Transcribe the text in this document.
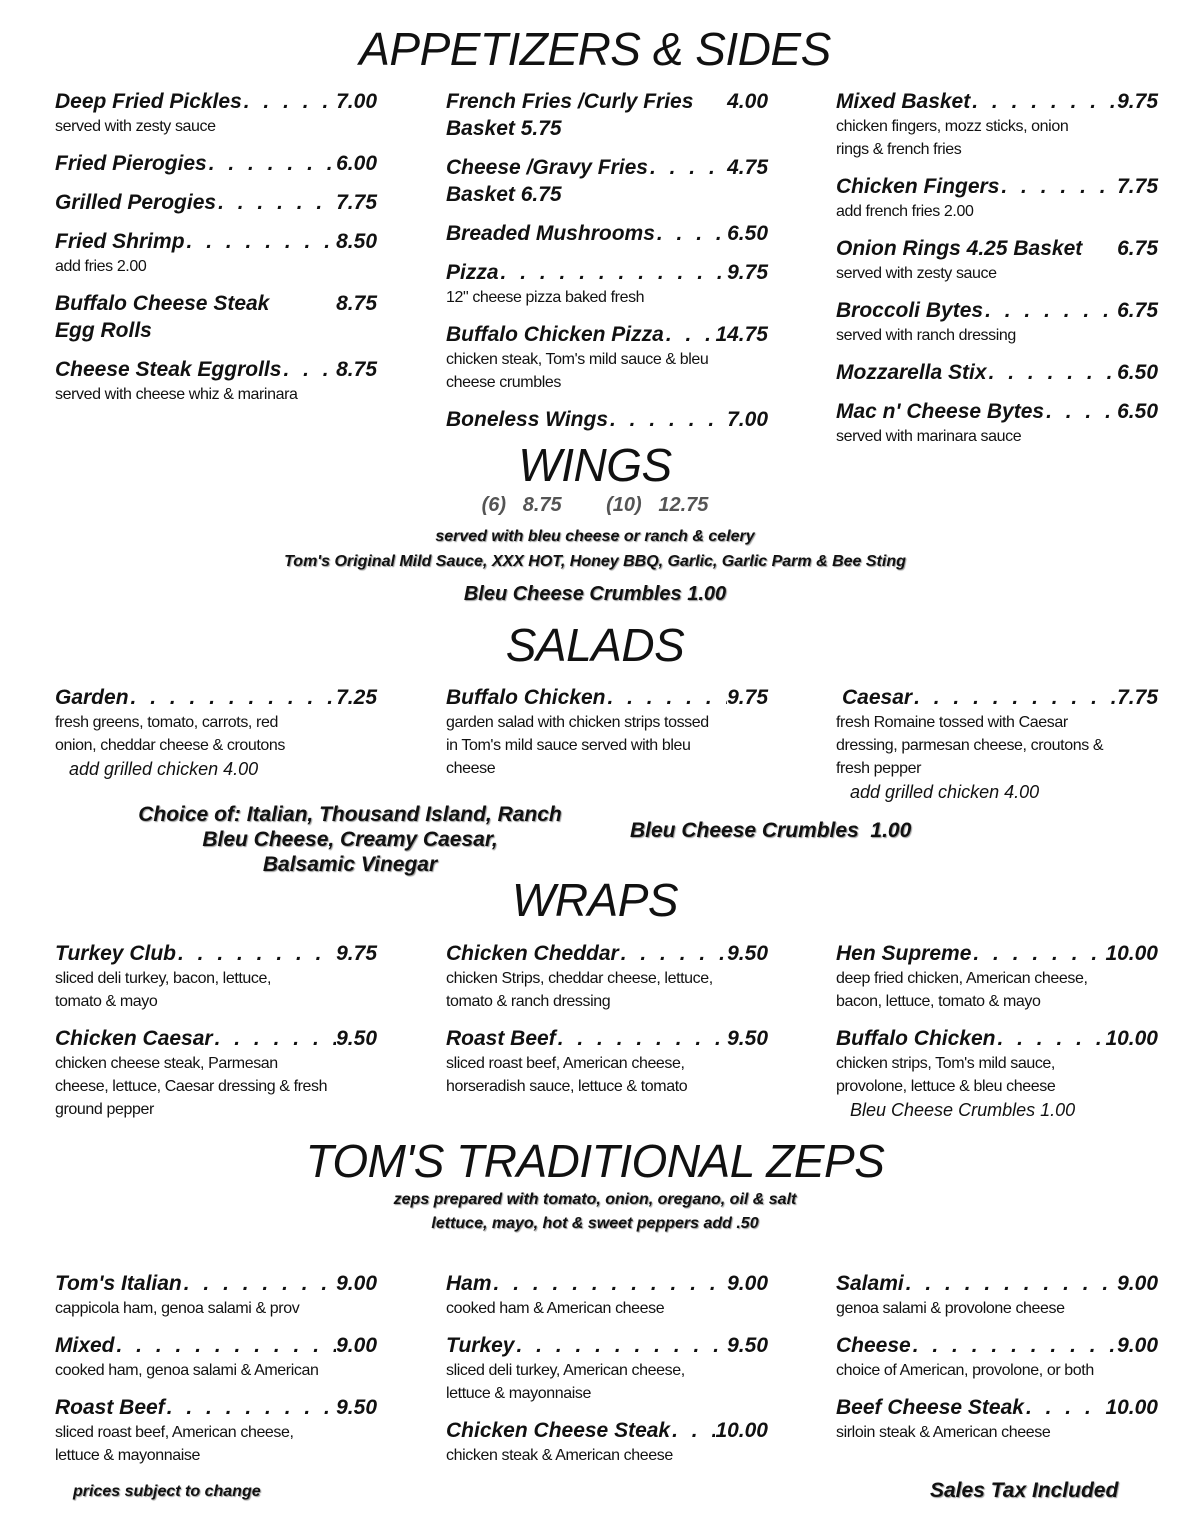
APPETIZERS & SIDES
Deep Fried Pickles . . .	7.00
served with zesty sauce
Fried Pierogies . . .	6.00
Grilled Perogies . . .	7.75
Fried Shrimp . . .	8.50
add fries 2.00
Buffalo Cheese Steak	8.75
Egg Rolls
Cheese Steak Eggrolls . . .	8.75
served with cheese whiz & marinara
French Fries /Curly Fries 4.00
Basket 5.75
Cheese /Gravy Fries . . .	4.75
Basket 6.75
Breaded Mushrooms . . .	6.50
Pizza . . .	9.75
12" cheese pizza baked fresh
Buffalo Chicken Pizza . . . 14.75
chicken steak, Tom's mild sauce & bleu
cheese crumbles
Boneless Wings . . .	7.00
Mixed Basket . . .	9.75
chicken fingers, mozz sticks, onion
rings & french fries
Chicken Fingers . . .	7.75
add french fries 2.00
Onion Rings 4.25 Basket 6.75
served with zesty sauce
Broccoli Bytes . . .	6.75
served with ranch dressing
Mozzarella Stix . . .	6.50
Mac n' Cheese Bytes . . .	6.50
served with marinara sauce
WINGS
(6)   8.75        (10)   12.75
served with bleu cheese or ranch & celery
Tom's Original Mild Sauce, XXX HOT, Honey BBQ, Garlic, Garlic Parm & Bee Sting
Bleu Cheese Crumbles 1.00
SALADS
Garden . . .	7.25
fresh greens, tomato, carrots, red
onion, cheddar cheese & croutons
add grilled chicken 4.00
Buffalo Chicken . . .	9.75
garden salad with chicken strips tossed
in Tom's mild sauce served with bleu
cheese
Caesar . . .	7.75
fresh Romaine tossed with Caesar
dressing, parmesan cheese, croutons &
fresh pepper
add grilled chicken 4.00
Choice of: Italian, Thousand Island, Ranch
Bleu Cheese, Creamy Caesar,
Balsamic Vinegar
Bleu Cheese Crumbles  1.00
WRAPS
Turkey Club . . .	9.75
sliced deli turkey, bacon, lettuce,
tomato & mayo
Chicken Caesar . . .	9.50
chicken cheese steak, Parmesan
cheese, lettuce, Caesar dressing & fresh
ground pepper
Chicken Cheddar . . .	9.50
chicken Strips, cheddar cheese, lettuce,
tomato & ranch dressing
Roast Beef . . .	9.50
sliced roast beef, American cheese,
horseradish sauce, lettuce & tomato
Hen Supreme . . .	10.00
deep fried chicken, American cheese,
bacon, lettuce, tomato & mayo
Buffalo Chicken . . .	10.00
chicken strips, Tom's mild sauce,
provolone, lettuce & bleu cheese
Bleu Cheese Crumbles 1.00
TOM'S TRADITIONAL ZEPS
zeps prepared with tomato, onion, oregano, oil & salt
lettuce, mayo, hot & sweet peppers add .50
Tom's Italian . . .	9.00
cappicola ham, genoa salami & prov
Mixed . . .	9.00
cooked ham, genoa salami & American
Roast Beef . . .	9.50
sliced roast beef, American cheese,
lettuce & mayonnaise
Ham . . .	9.00
cooked ham & American cheese
Turkey . . .	9.50
sliced deli turkey, American cheese,
lettuce & mayonnaise
Chicken Cheese Steak . . . 10.00
chicken steak & American cheese
Salami . . .	9.00
genoa salami & provolone cheese
Cheese . . .	9.00
choice of American, provolone, or both
Beef Cheese Steak . . .	10.00
sirloin steak & American cheese
prices subject to change	Sales Tax Included
